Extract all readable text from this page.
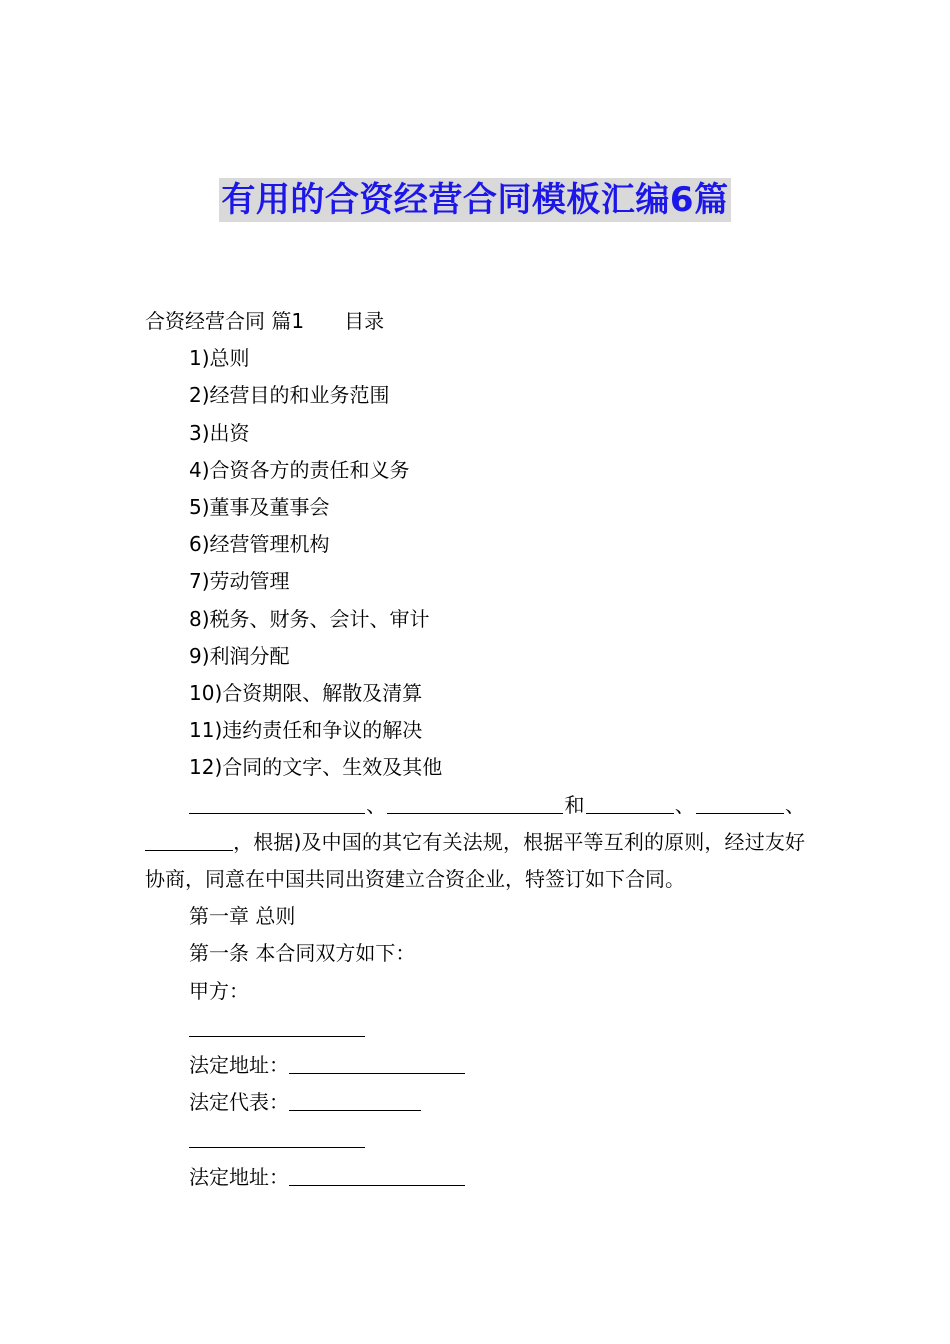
有用的合资经营合同模板汇编6篇
合资经营合同 篇1 目录
1)总则
2)经营目的和业务范围
3)出资
4)合资各方的责任和义务
5)董事及董事会
6)经营管理机构
7)劳动管理
8)税务、财务、会计、审计
9)利润分配
10)合资期限、解散及清算
11)违约责任和争议的解决
12)合同的文字、生效及其他
、	和	、	、，根据)及中国的其它有关法规，根据平等互利的原则，经过友好协商，同意在中国共同出资建立合资企业，特签订如下合同。
第一章 总则
第一条 本合同双方如下：
甲方：
法定地址：
法定代表：
法定地址：
